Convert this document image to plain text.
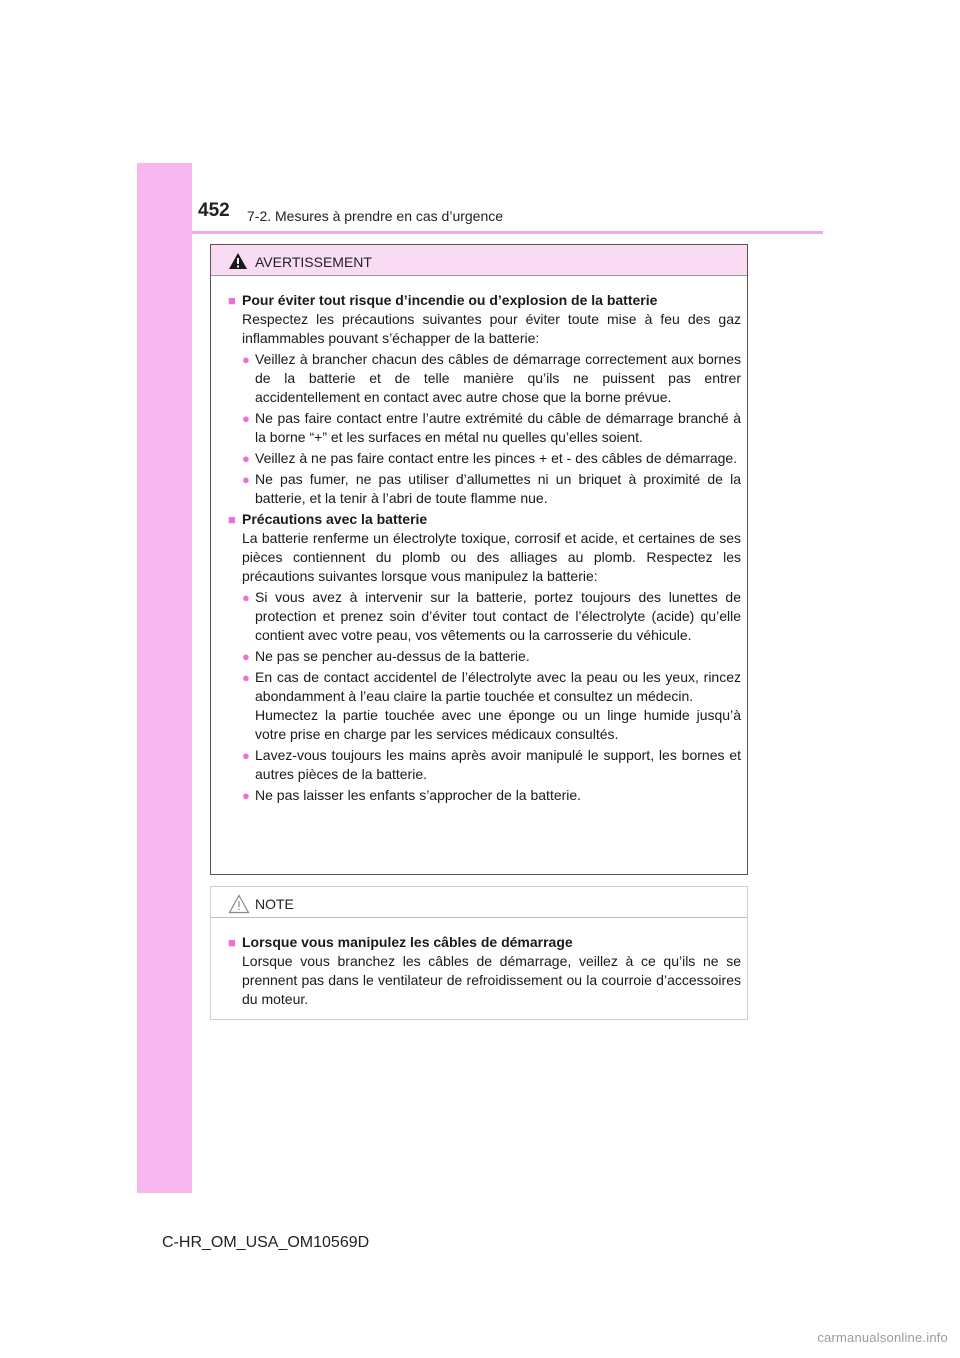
452 7-2. Mesures à prendre en cas d’urgence
AVERTISSEMENT
■ Pour éviter tout risque d’incendie ou d’explosion de la batterie

Respectez les précautions suivantes pour éviter toute mise à feu des gaz inflammables pouvant s’échapper de la batterie:

● Veillez à brancher chacun des câbles de démarrage correctement aux bornes de la batterie et de telle manière qu’ils ne puissent pas entrer accidentellement en contact avec autre chose que la borne prévue.
● Ne pas faire contact entre l’autre extrémité du câble de démarrage branché à la borne “+” et les surfaces en métal nu quelles qu’elles soient.
● Veillez à ne pas faire contact entre les pinces + et - des câbles de démarrage.
● Ne pas fumer, ne pas utiliser d’allumettes ni un briquet à proximité de la batterie, et la tenir à l’abri de toute flamme nue.
■ Précautions avec la batterie

La batterie renferme un électrolyte toxique, corrosif et acide, et certaines de ses pièces contiennent du plomb ou des alliages au plomb. Respectez les précautions suivantes lorsque vous manipulez la batterie:

● Si vous avez à intervenir sur la batterie, portez toujours des lunettes de protection et prenez soin d’éviter tout contact de l’électrolyte (acide) qu’elle contient avec votre peau, vos vêtements ou la carrosserie du véhicule.
● Ne pas se pencher au-dessus de la batterie.
● En cas de contact accidentel de l’électrolyte avec la peau ou les yeux, rincez abondamment à l’eau claire la partie touchée et consultez un médecin.
Humectez la partie touchée avec une éponge ou un linge humide jusqu’à votre prise en charge par les services médicaux consultés.
● Lavez-vous toujours les mains après avoir manipulé le support, les bornes et autres pièces de la batterie.
● Ne pas laisser les enfants s’approcher de la batterie.
NOTE
■ Lorsque vous manipulez les câbles de démarrage

Lorsque vous branchez les câbles de démarrage, veillez à ce qu’ils ne se prennent pas dans le ventilateur de refroidissement ou la courroie d’accessoires du moteur.

C-HR_OM_USA_OM10569D
carmanualsonline.info
